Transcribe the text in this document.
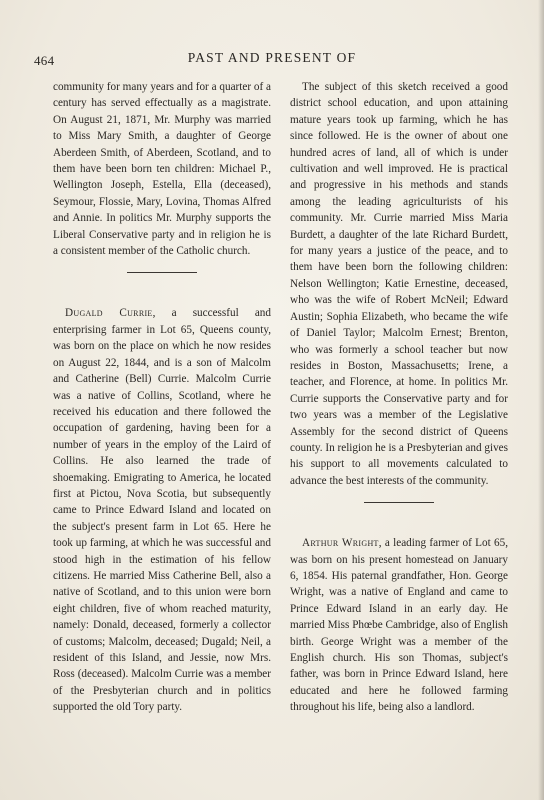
464	PAST AND PRESENT OF

community for many years and for a quarter of a century has served effectually as a magistrate. On August 21, 1871, Mr. Murphy was married to Miss Mary Smith, a daughter of George Aberdeen Smith, of Aberdeen, Scotland, and to them have been born ten children: Michael P., Wellington Joseph, Estella, Ella (deceased), Seymour, Flossie, Mary, Lovina, Thomas Alfred and Annie. In politics Mr. Murphy supports the Liberal Conservative party and in religion he is a consistent member of the Catholic church.

Dugald Currie, a successful and enterprising farmer in Lot 65, Queens county, was born on the place on which he now resides on August 22, 1844, and is a son of Malcolm and Catherine (Bell) Currie. Malcolm Currie was a native of Collins, Scotland, where he received his education and there followed the occupation of gardening, having been for a number of years in the employ of the Laird of Collins. He also learned the trade of shoemaking. Emigrating to America, he located first at Pictou, Nova Scotia, but subsequently came to Prince Edward Island and located on the subject's present farm in Lot 65. Here he took up farming, at which he was successful and stood high in the estimation of his fellow citizens. He married Miss Catherine Bell, also a native of Scotland, and to this union were born eight children, five of whom reached maturity, namely: Donald, deceased, formerly a collector of customs; Malcolm, deceased; Dugald; Neil, a resident of this Island, and Jessie, now Mrs. Ross (deceased). Malcolm Currie was a member of the Presbyterian church and in politics supported the old Tory party.

The subject of this sketch received a good district school education, and upon attaining mature years took up farming, which he has since followed. He is the owner of about one hundred acres of land, all of which is under cultivation and well improved. He is practical and progressive in his methods and stands among the leading agriculturists of his community. Mr. Currie married Miss Maria Burdett, a daughter of the late Richard Burdett, for many years a justice of the peace, and to them have been born the following children: Nelson Wellington; Katie Ernestine, deceased, who was the wife of Robert McNeil; Edward Austin; Sophia Elizabeth, who became the wife of Daniel Taylor; Malcolm Ernest; Brenton, who was formerly a school teacher but now resides in Boston, Massachusetts; Irene, a teacher, and Florence, at home. In politics Mr. Currie supports the Conservative party and for two years was a member of the Legislative Assembly for the second district of Queens county. In religion he is a Presbyterian and gives his support to all movements calculated to advance the best interests of the community.

Arthur Wright, a leading farmer of Lot 65, was born on his present homestead on January 6, 1854. His paternal grandfather, Hon. George Wright, was a native of England and came to Prince Edward Island in an early day. He married Miss Phœbe Cambridge, also of English birth. George Wright was a member of the English church. His son Thomas, subject's father, was born in Prince Edward Island, here educated and here he followed farming throughout his life, being also a landlord.
